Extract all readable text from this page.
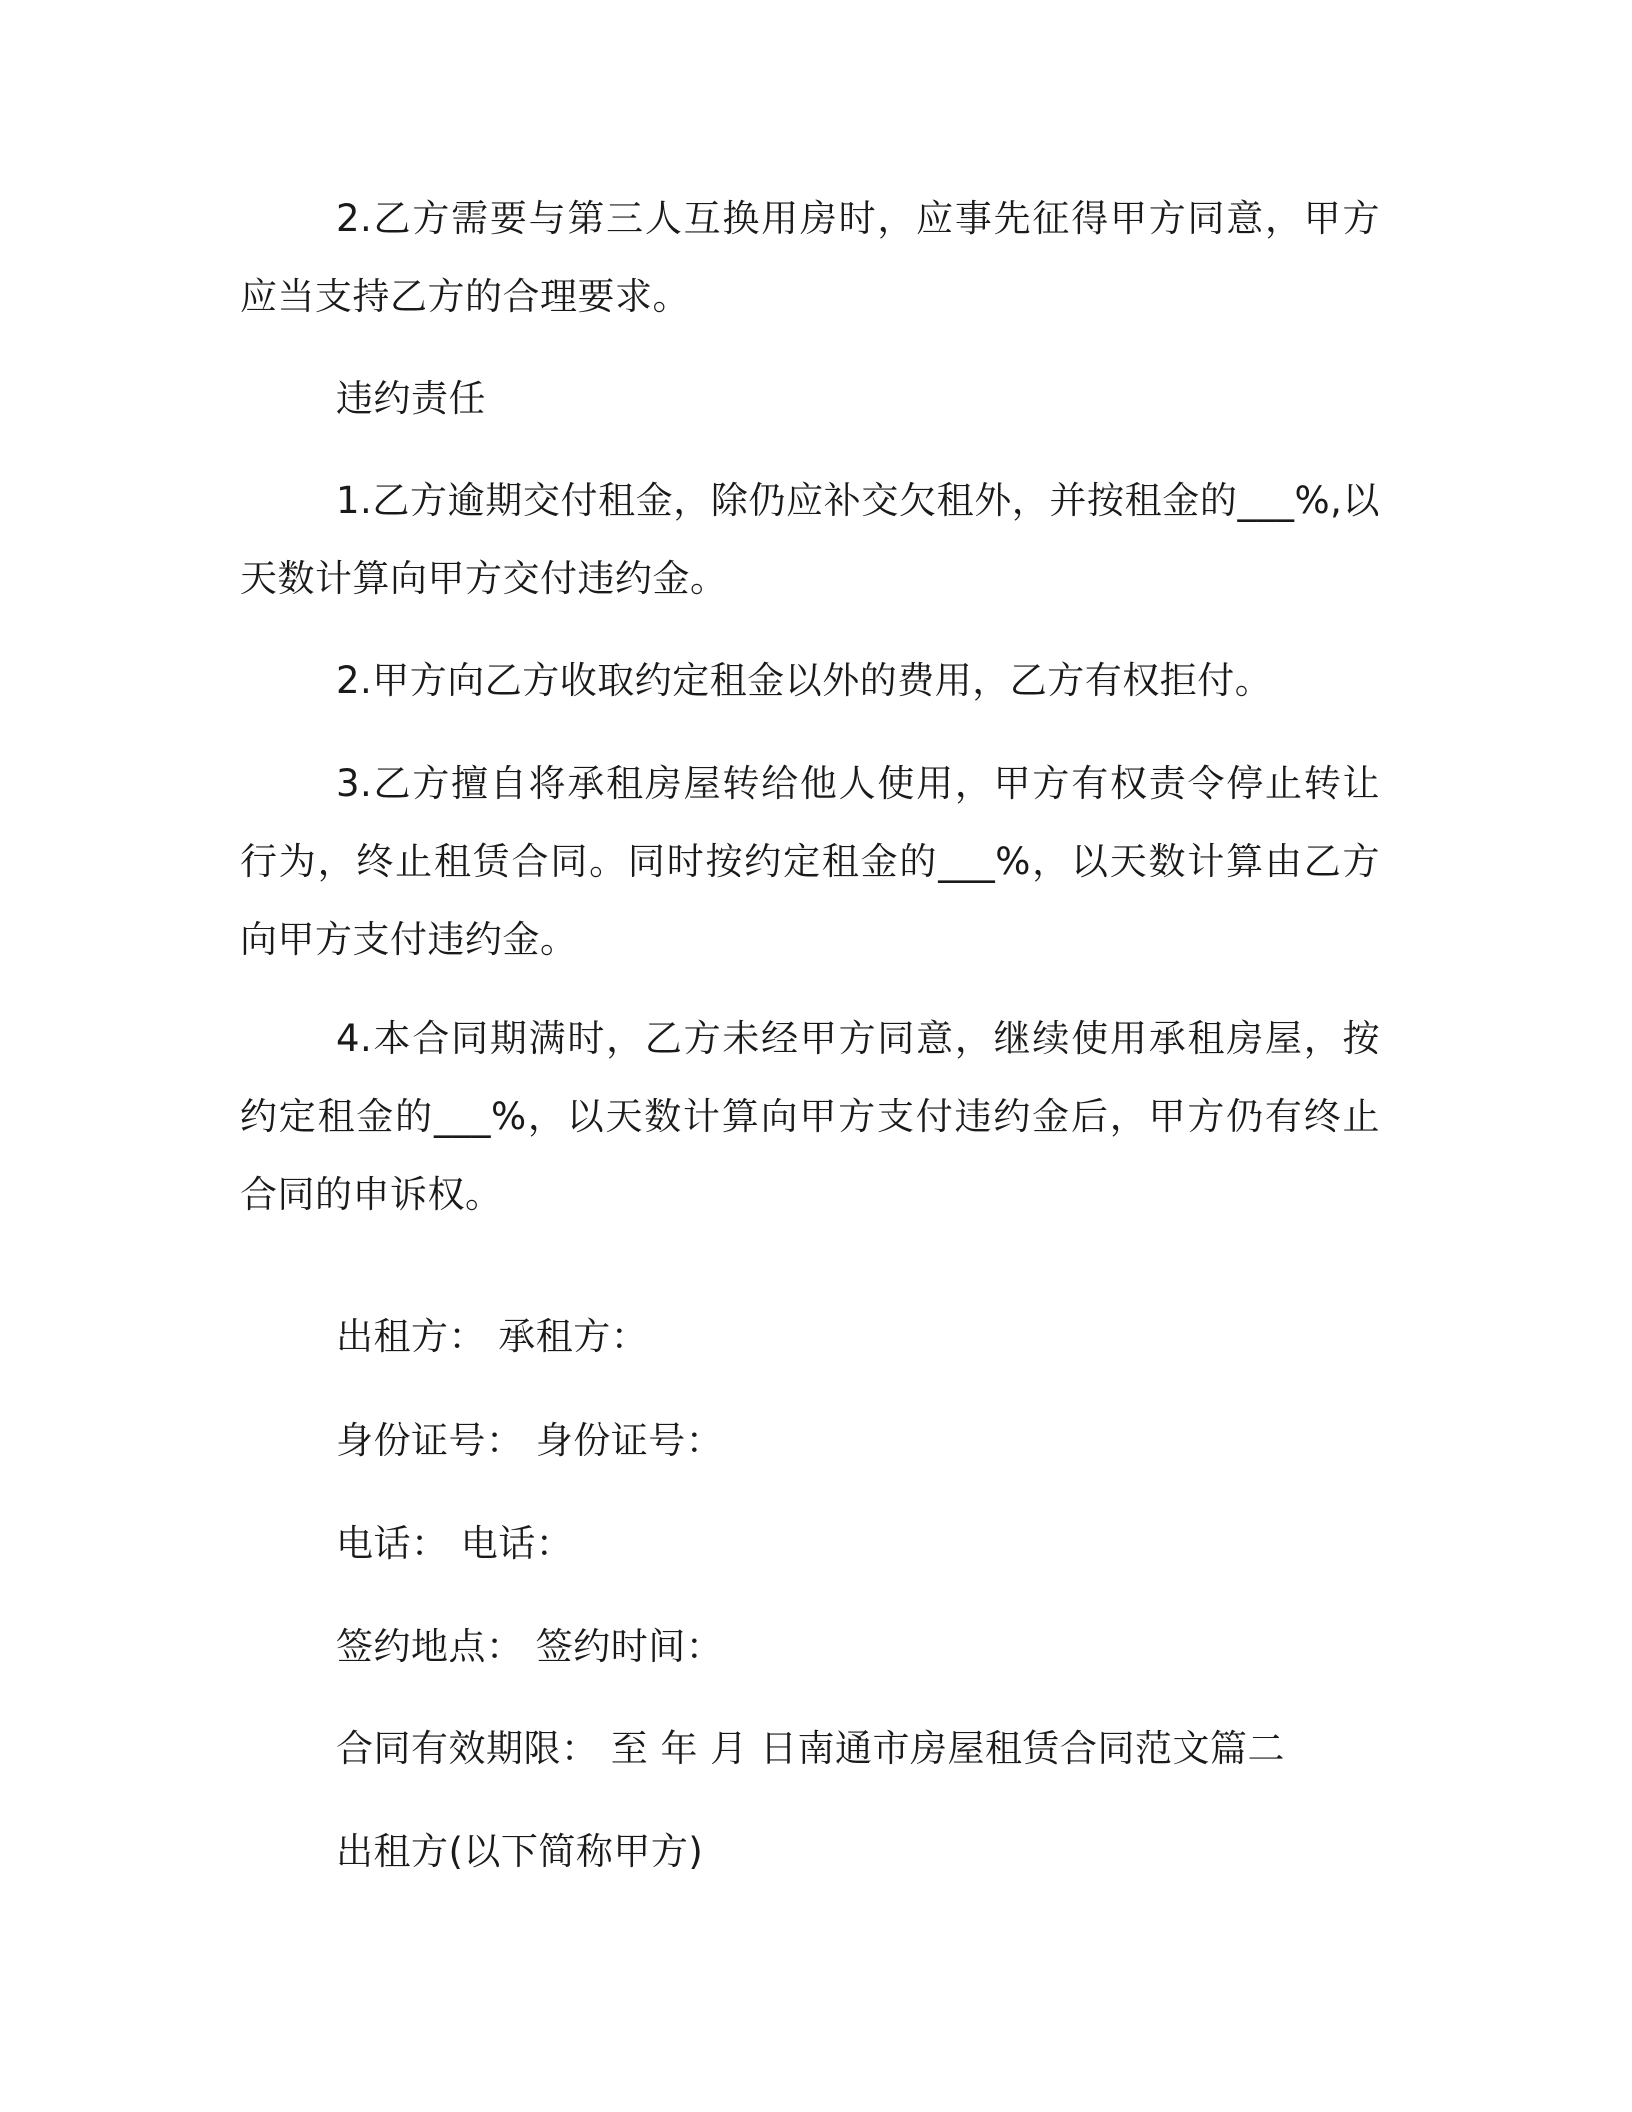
2.乙方需要与第三人互换用房时，应事先征得甲方同意，甲方应当支持乙方的合理要求。

违约责任

1.乙方逾期交付租金，除仍应补交欠租外，并按租金的___%,以天数计算向甲方交付违约金。

2.甲方向乙方收取约定租金以外的费用，乙方有权拒付。

3.乙方擅自将承租房屋转给他人使用，甲方有权责令停止转让行为，终止租赁合同。同时按约定租金的___%，以天数计算由乙方向甲方支付违约金。

4.本合同期满时，乙方未经甲方同意，继续使用承租房屋，按约定租金的___%，以天数计算向甲方支付违约金后，甲方仍有终止合同的申诉权。

出租方： 承租方：

身份证号： 身份证号：

电话： 电话：

签约地点： 签约时间：

合同有效期限： 至 年 月 日南通市房屋租赁合同范文篇二

出租方(以下简称甲方)
